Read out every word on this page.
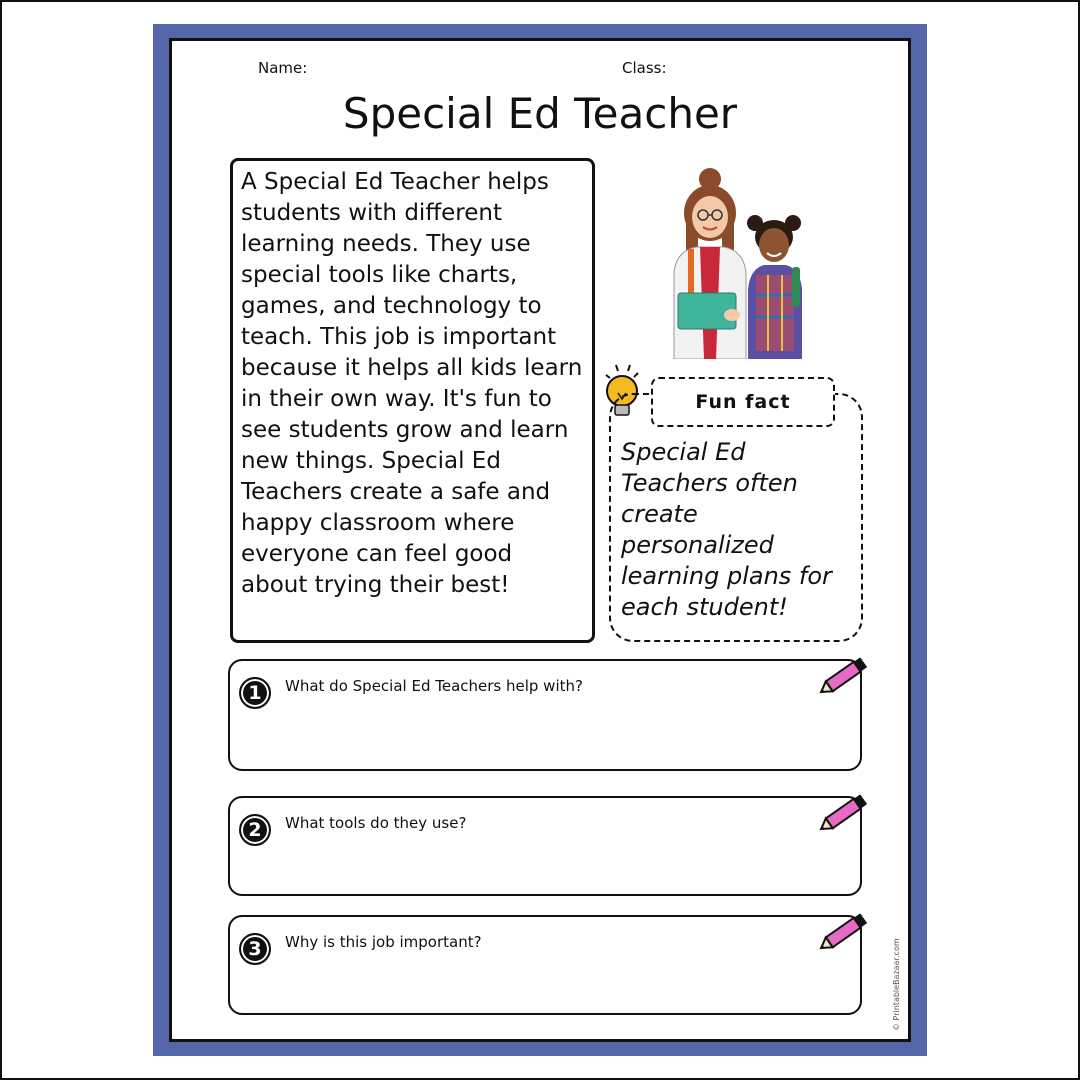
Name:	Class:
Special Ed Teacher

A Special Ed Teacher helps students with different learning needs. They use special tools like charts, games, and technology to teach. This job is important because it helps all kids learn in their own way. It's fun to see students grow and learn new things. Special Ed Teachers create a safe and happy classroom where everyone can feel good about trying their best!

Fun fact
Special Ed Teachers often create personalized learning plans for each student!
1	What do Special Ed Teachers help with?
2	What tools do they use?
3	Why is this job important?	© PrintableBazaar.com
